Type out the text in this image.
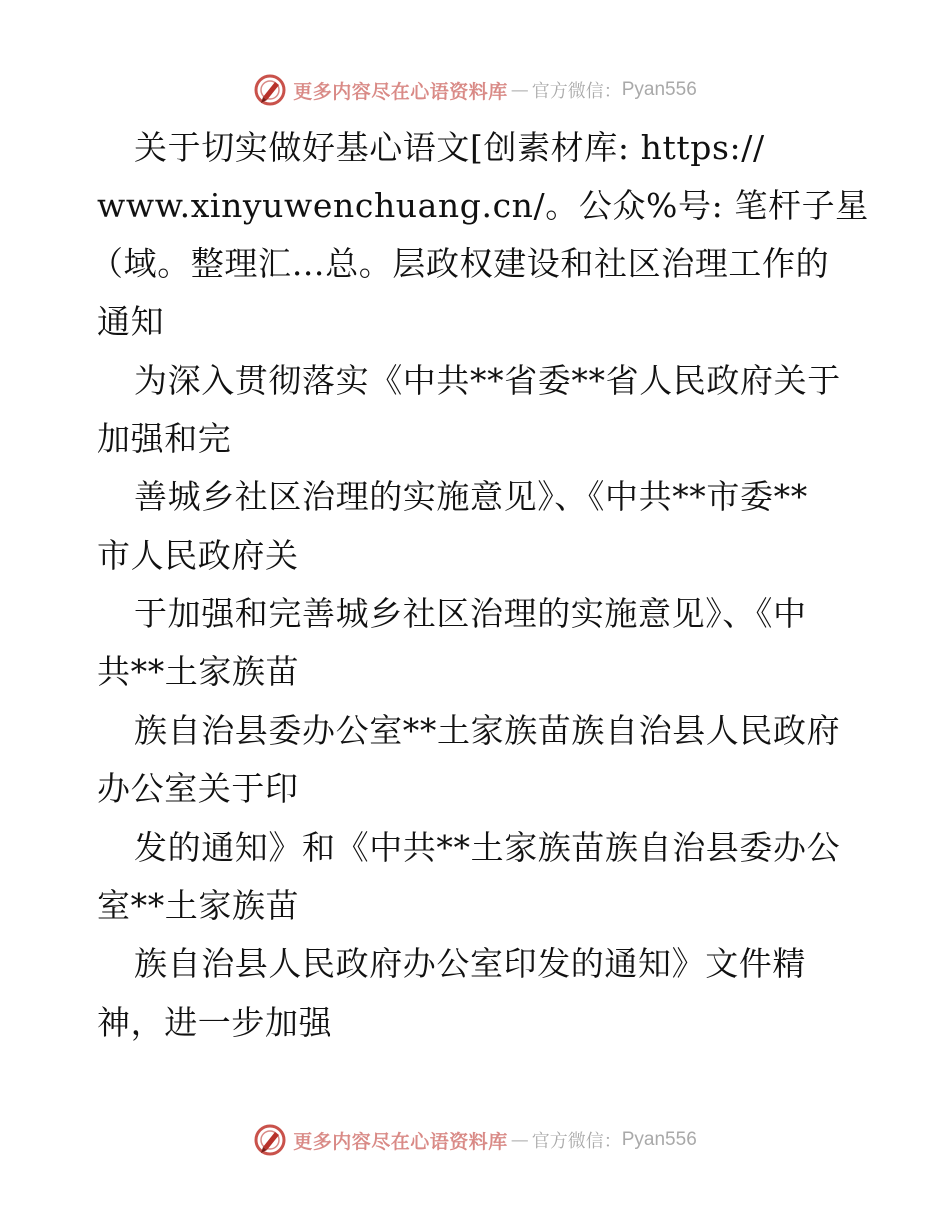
更多内容尽在心语资料库 — 官方微信： Pyan556
关于切实做好基心语文[创素材库: https://
www.xinyuwenchuang.cn/。公众%号: 笔杆子星
（域。整理汇…总。层政权建设和社区治理工作的
通知
为深入贯彻落实《中共**省委**省人民政府关于
加强和完
善城乡社区治理的实施意见》、《中共**市委**
市人民政府关
于加强和完善城乡社区治理的实施意见》、《中
共**土家族苗
族自治县委办公室**土家族苗族自治县人民政府
办公室关于印
发的通知》和《中共**土家族苗族自治县委办公
室**土家族苗
族自治县人民政府办公室印发的通知》文件精
神，进一步加强
更多内容尽在心语资料库 — 官方微信： Pyan556
